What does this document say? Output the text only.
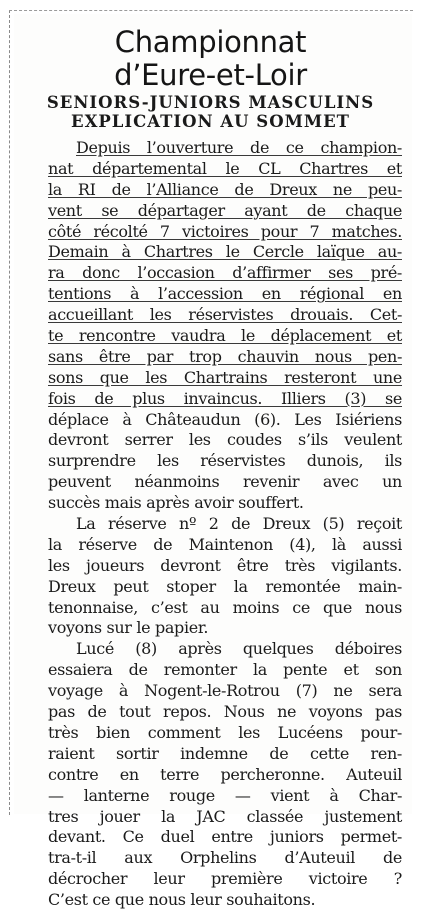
Championnat
d’Eure-et-Loir
SENIORS-JUNIORS MASCULINS
EXPLICATION AU SOMMET
Depuis l’ouverture de ce champion-
nat départemental le CL Chartres et
la RI de l’Alliance de Dreux ne peu-
vent se départager ayant de chaque
côté récolté 7 victoires pour 7 matches.
Demain à Chartres le Cercle laïque au-
ra donc l’occasion d’affirmer ses pré-
tentions à l’accession en régional en
accueillant les réservistes drouais. Cet-
te rencontre vaudra le déplacement et
sans être par trop chauvin nous pen-
sons que les Chartrains resteront une
fois de plus invaincus. Illiers (3) se
déplace à Châteaudun (6). Les Isiériens
devront serrer les coudes s’ils veulent
surprendre les réservistes dunois, ils
peuvent néanmoins revenir avec un
succès mais après avoir souffert.
La réserve nº 2 de Dreux (5) reçoit
la réserve de Maintenon (4), là aussi
les joueurs devront être très vigilants.
Dreux peut stoper la remontée main-
tenonnaise, c’est au moins ce que nous
voyons sur le papier.
Lucé (8) après quelques déboires
essaiera de remonter la pente et son
voyage à Nogent-le-Rotrou (7) ne sera
pas de tout repos. Nous ne voyons pas
très bien comment les Lucéens pour-
raient sortir indemne de cette ren-
contre en terre percheronne. Auteuil
— lanterne rouge — vient à Char-
tres jouer la JAC classée justement
devant. Ce duel entre juniors permet-
tra-t-il aux Orphelins d’Auteuil de
décrocher leur première victoire ?
C’est ce que nous leur souhaitons.
